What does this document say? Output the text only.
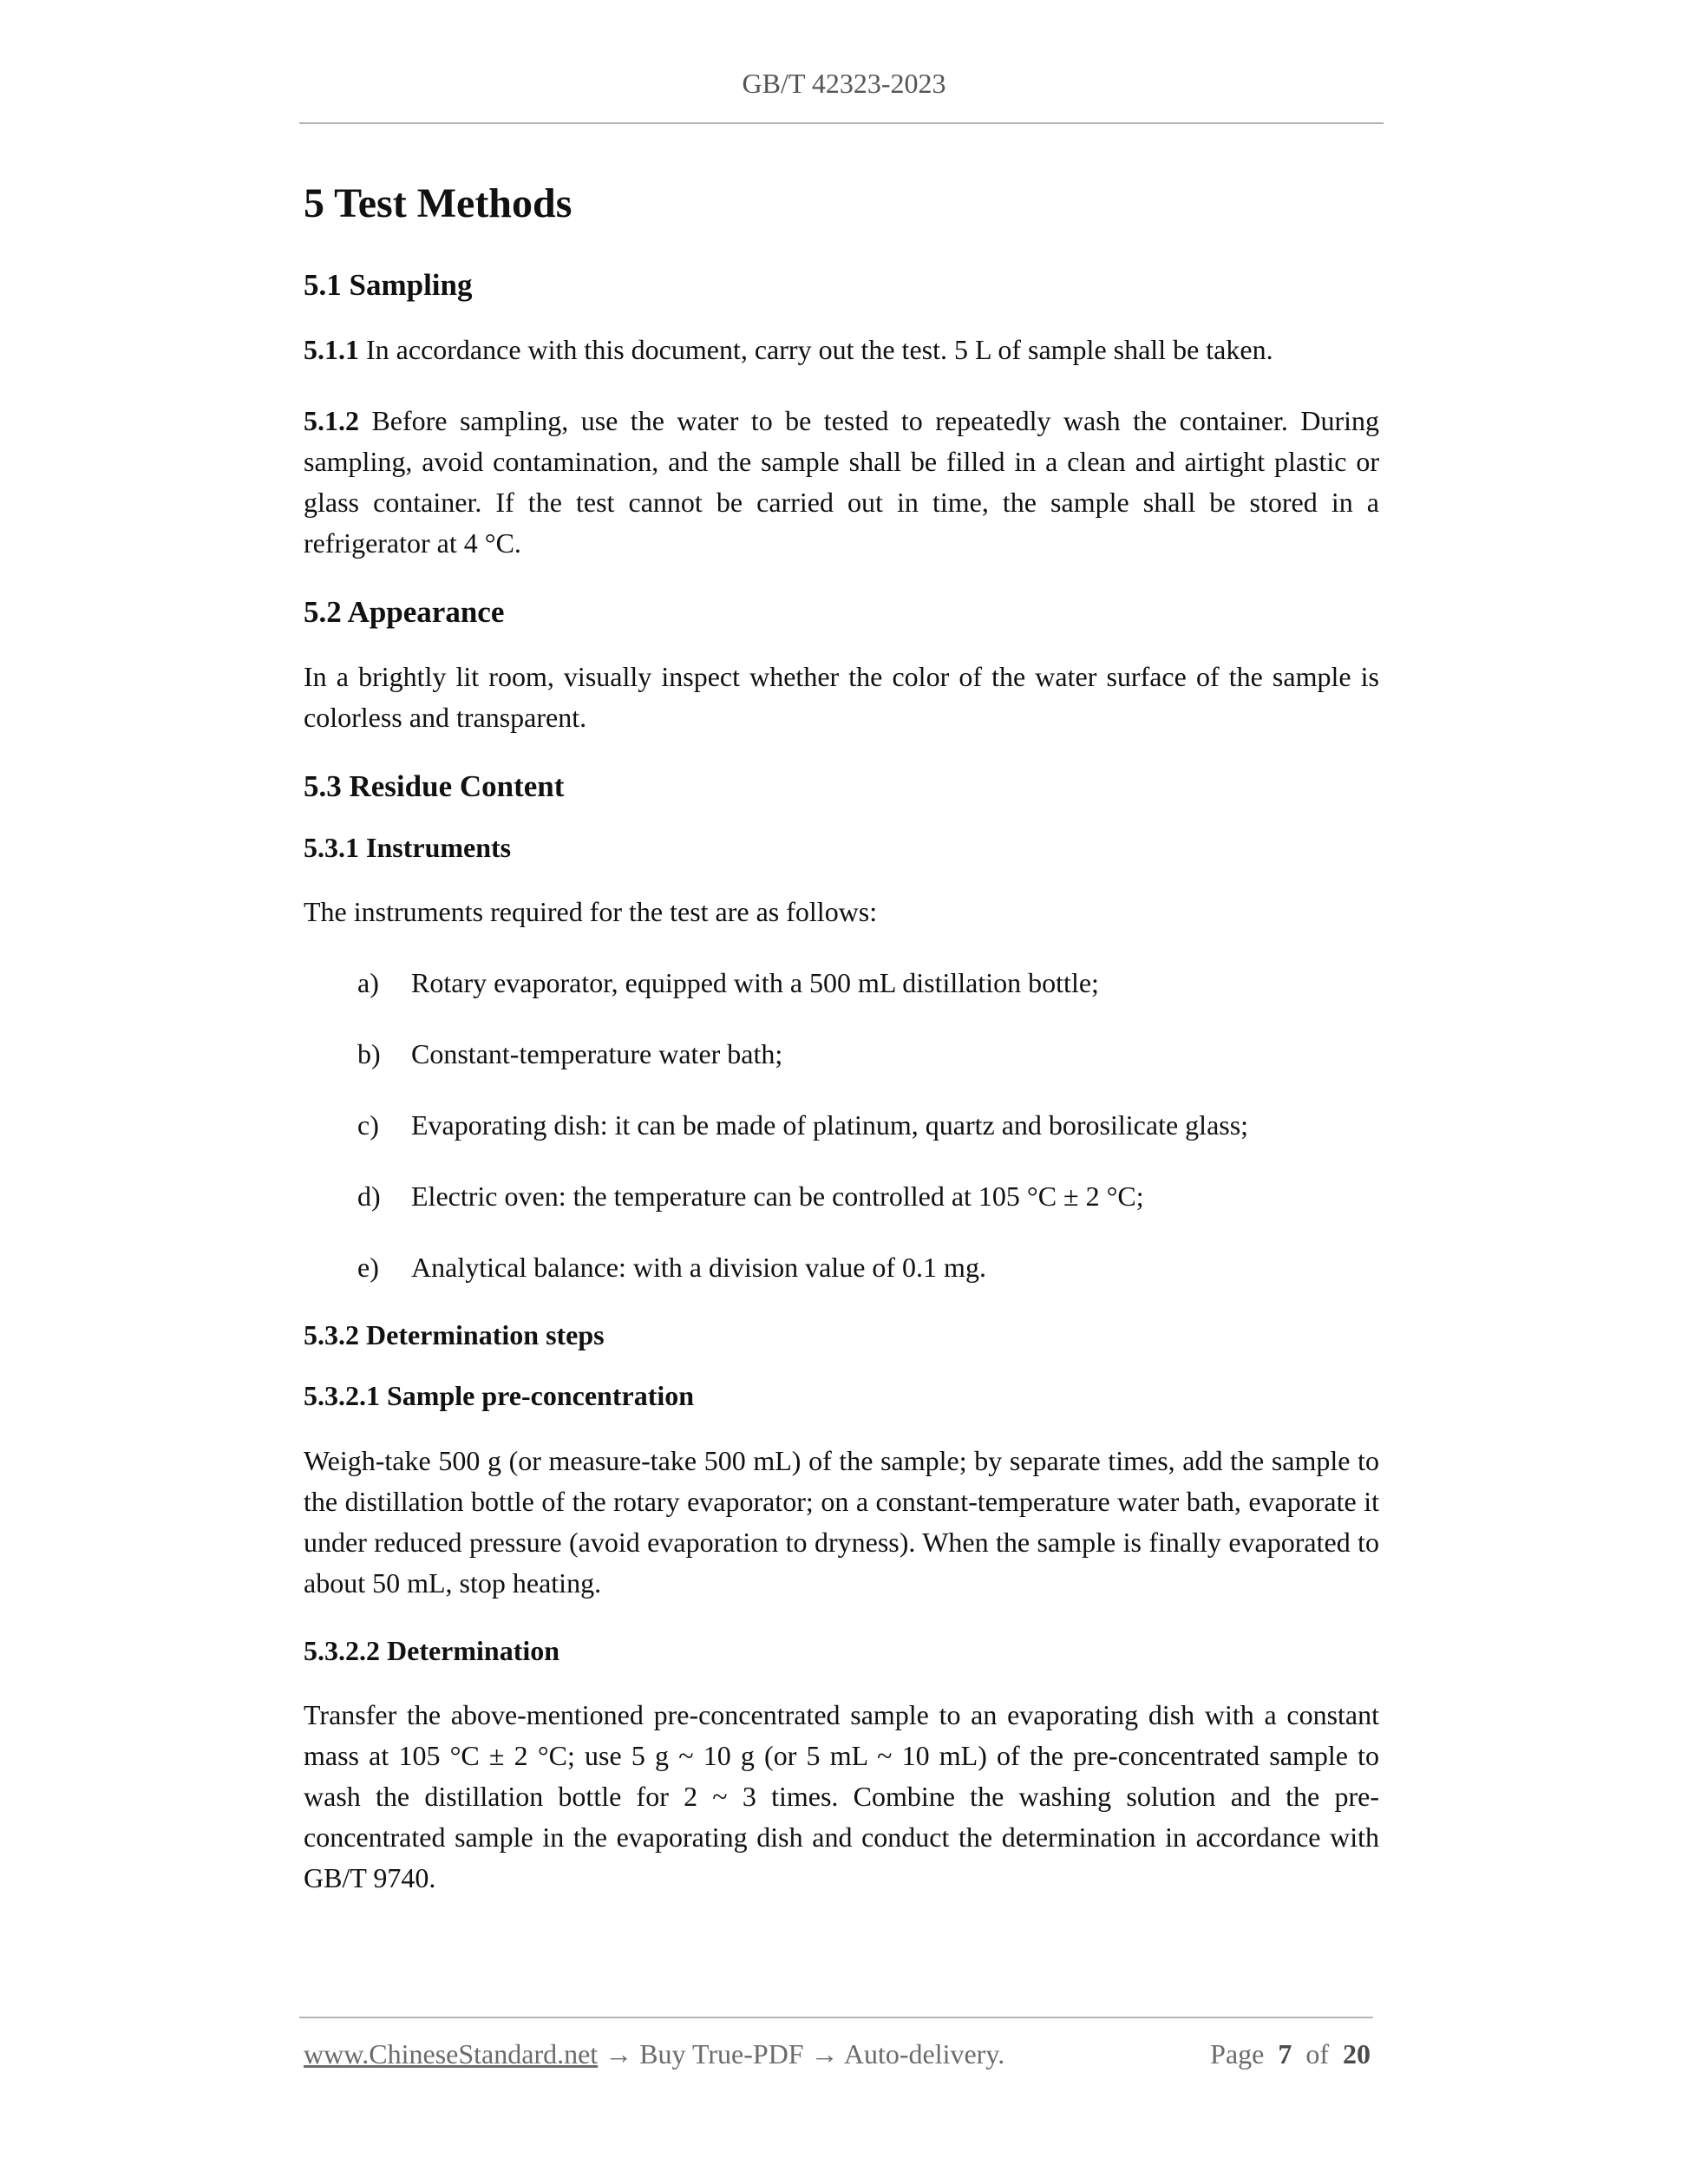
GB/T 42323-2023
5 Test Methods
5.1 Sampling

5.1.1 In accordance with this document, carry out the test. 5 L of sample shall be taken.

5.1.2 Before sampling, use the water to be tested to repeatedly wash the container. During sampling, avoid contamination, and the sample shall be filled in a clean and airtight plastic or glass container. If the test cannot be carried out in time, the sample shall be stored in a refrigerator at 4 °C.

5.2 Appearance

In a brightly lit room, visually inspect whether the color of the water surface of the sample is colorless and transparent.

5.3 Residue Content
5.3.1 Instruments

The instruments required for the test are as follows:

a)	Rotary evaporator, equipped with a 500 mL distillation bottle;
b)	Constant-temperature water bath;
c)	Evaporating dish: it can be made of platinum, quartz and borosilicate glass;
d)	Electric oven: the temperature can be controlled at 105 °C ± 2 °C;
e)	Analytical balance: with a division value of 0.1 mg.
5.3.2 Determination steps
5.3.2.1 Sample pre-concentration

Weigh-take 500 g (or measure-take 500 mL) of the sample; by separate times, add the sample to the distillation bottle of the rotary evaporator; on a constant-temperature water bath, evaporate it under reduced pressure (avoid evaporation to dryness). When the sample is finally evaporated to about 50 mL, stop heating.

5.3.2.2 Determination

Transfer the above-mentioned pre-concentrated sample to an evaporating dish with a constant mass at 105 °C ± 2 °C; use 5 g ~ 10 g (or 5 mL ~ 10 mL) of the pre-concentrated sample to wash the distillation bottle for 2 ~ 3 times. Combine the washing solution and the pre-concentrated sample in the evaporating dish and conduct the determination in accordance with GB/T 9740.

www.ChineseStandard.net → Buy True-PDF → Auto-delivery.	Page 7 of 20
